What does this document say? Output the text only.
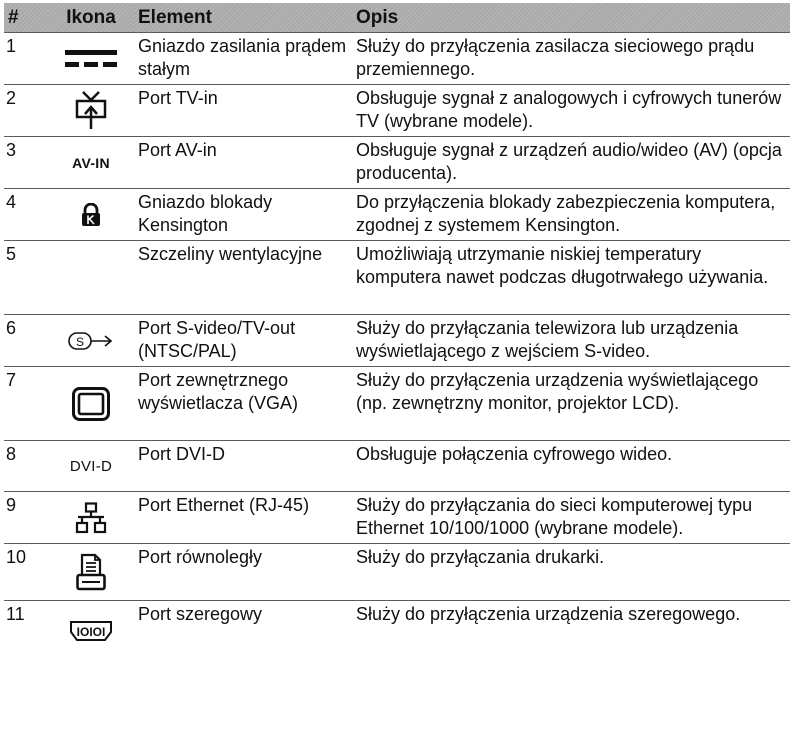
#	Ikona	Element	Opis
1		Gniazdo zasilania prądem stałym	Służy do przyłączenia zasilacza sieciowego prądu przemiennego.
2		Port TV-in	Obsługuje sygnał z analogowych i cyfrowych tunerów TV (wybrane modele).
3	AV-IN	Port AV-in	Obsługuje sygnał z urządzeń audio/wideo (AV) (opcja producenta).
4		Gniazdo blokady Kensington	Do przyłączenia blokady zabezpieczenia komputera, zgodnej z systemem Kensington.
5		Szczeliny wentylacyjne	Umożliwiają utrzymanie niskiej temperatury komputera nawet podczas długotrwałego używania.
6	S	Port S-video/TV-out (NTSC/PAL)	Służy do przyłączania telewizora lub urządzenia wyświetlającego z wejściem S-video.
7		Port zewnętrznego wyświetlacza (VGA)	Służy do przyłączenia urządzenia wyświetlającego (np. zewnętrzny monitor, projektor LCD).
8	DVI-D	Port DVI-D	Obsługuje połączenia cyfrowego wideo.
9		Port Ethernet (RJ-45)	Służy do przyłączania do sieci komputerowej typu Ethernet 10/100/1000 (wybrane modele).
10		Port równoległy	Służy do przyłączania drukarki.
11	IOIOI	Port szeregowy	Służy do przyłączenia urządzenia szeregowego.
